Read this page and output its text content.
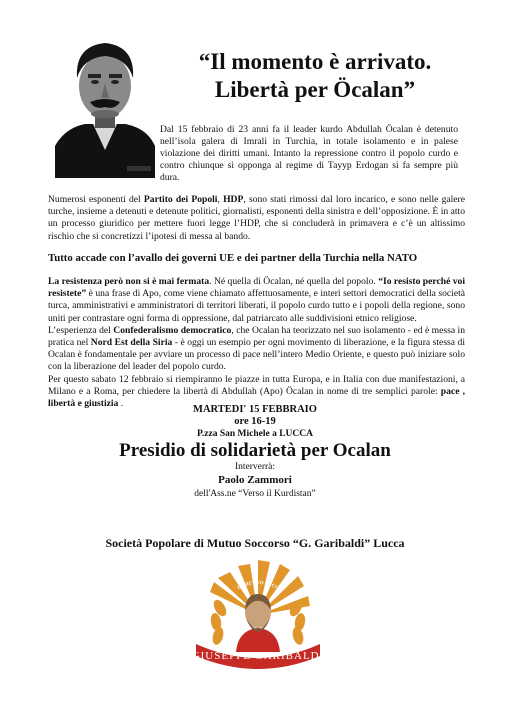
“Il momento è arrivato.
Libertà per Öcalan”
Dal 15 febbraio di 23 anni fa il leader kurdo Abdullah Öcalan è detenuto nell’isola galera di Imrali in Turchia, in totale isolamento e in palese violazione dei diritti umani. Intanto la repressione contro il popolo curdo e contro chiunque si opponga al regime di Tayyp Erdogan si fa sempre più dura.
Numerosi esponenti del Partito dei Popoli, HDP, sono stati rimossi dal loro incarico, e sono nelle galere turche, insieme a detenuti e detenute politici, giornalisti, esponenti della sinistra e dell’opposizione. È in atto un processo giuridico per mettere fuori legge l’HDP, che si concluderà in primavera e c’è un altissimo rischio che si concretizzi l’ipotesi di messa al bando.
Tutto accade con l’avallo dei governi UE e dei partner della Turchia nella NATO
La resistenza però non si è mai fermata. Né quella di Öcalan, né quella del popolo. “Io resisto perché voi resistete” è una frase di Apo, come viene chiamato affettuosamente, e interi settori democratici della società turca, amministrativi e amministratori di territori liberati, il popolo curdo tutto e i popoli della regione, sono uniti per contrastare ogni forma di oppressione, dal patriarcato alle suddivisioni etnico religiose.
L’esperienza del Confederalismo democratico, che Ocalan ha teorizzato nel suo isolamento - ed è messa in pratica nel Nord Est della Siria - è oggi un esempio per ogni movimento di liberazione, e la figura stessa di Ocalan è fondamentale per avviare un processo di pace nell’intero Medio Oriente, e questo può iniziare solo con la liberazione del leader del popolo curdo.
Per questo sabato 12 febbraio si riempiranno le piazze in tutta Europa, e in Italia con due manifestazioni, a Milano e a Roma, per chiedere la libertà di Abdullah (Apo) Öcalan in nome di tre semplici parole: pace , libertà e giustizia .
MARTEDI' 15 FEBBRAIO
ore 16-19
P.zza San Michele a LUCCA
Presidio di solidarietà per Ocalan
Interverrà:
Paolo Zammori
dell'Ass.ne “Verso il Kurdistan”
Società Popolare di Mutuo Soccorso “G. Garibaldi” Lucca
DI MUTUO SOCC
GIUSEPPE GARIBALDI
